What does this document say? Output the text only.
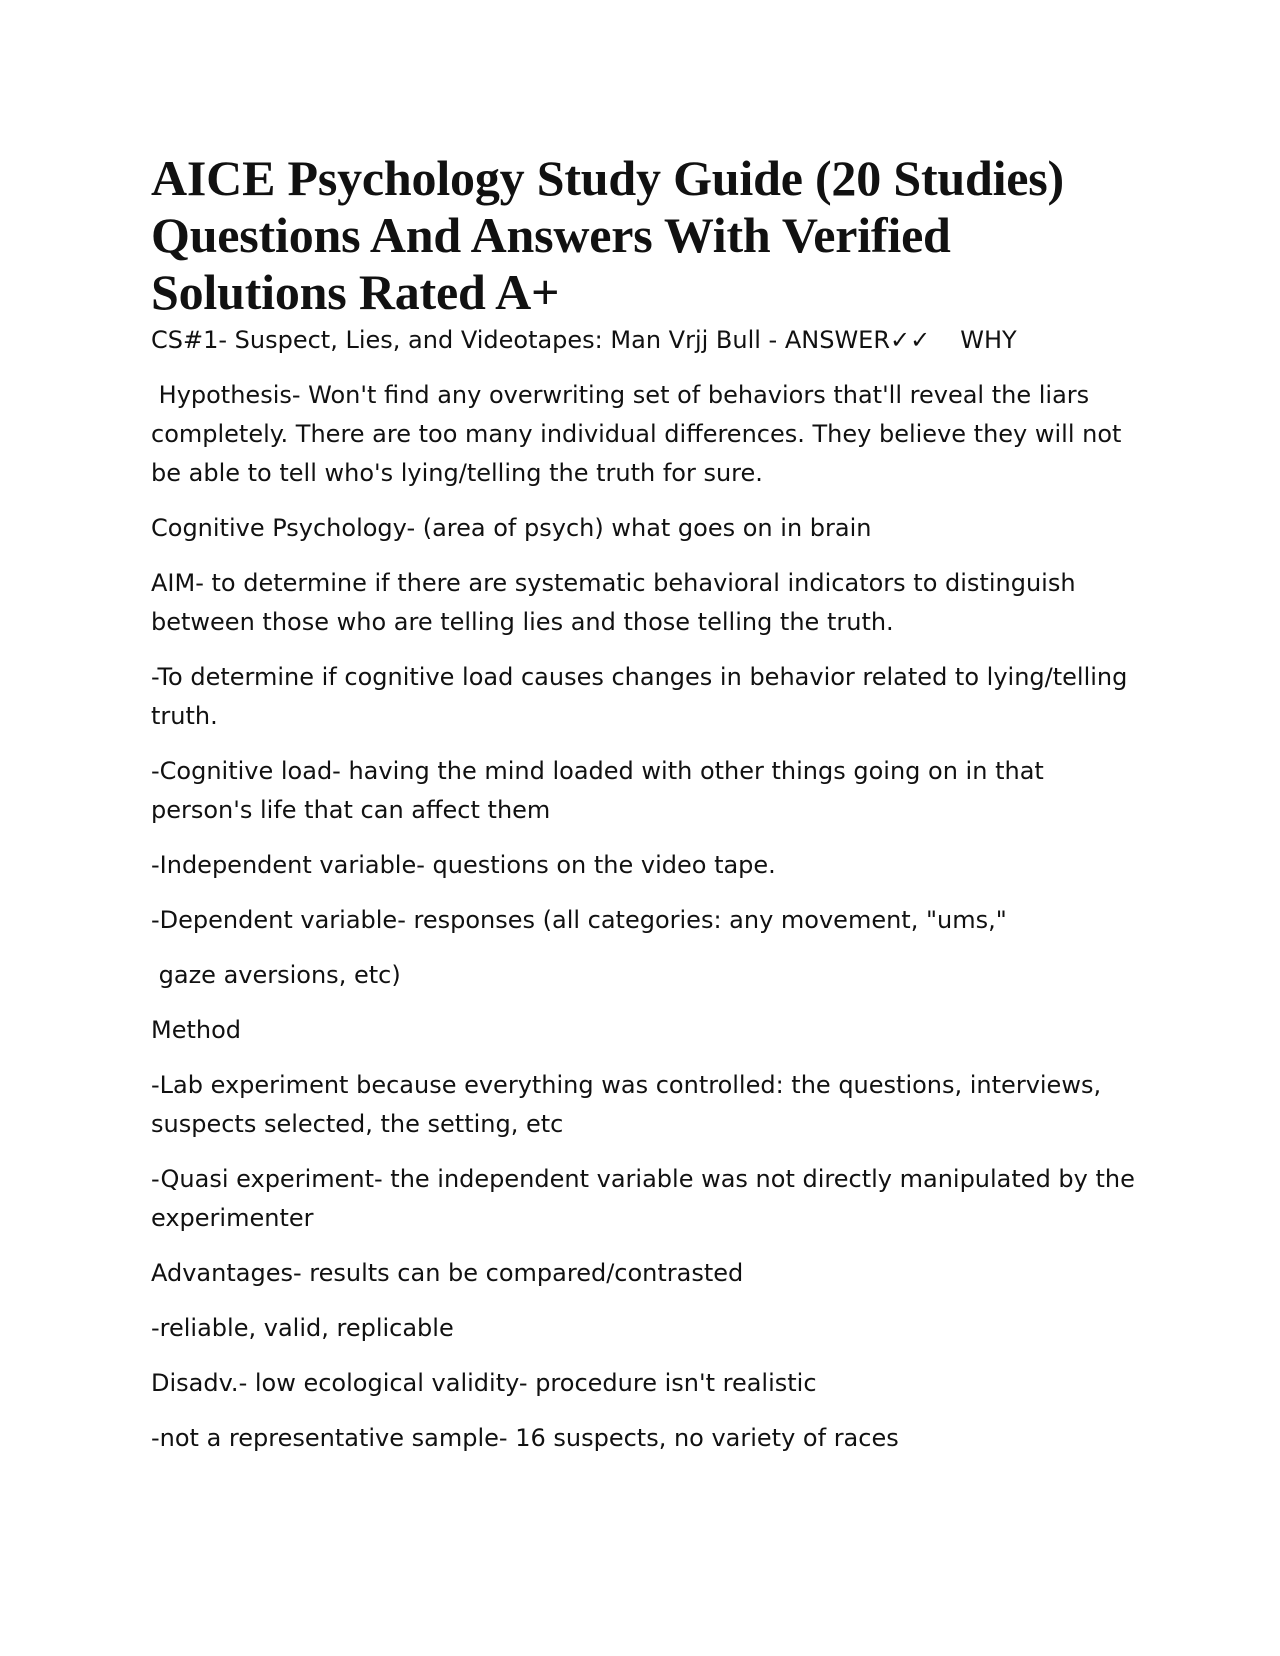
AICE Psychology Study Guide (20 Studies)
Questions And Answers With Verified
Solutions Rated A+
CS#1- Suspect, Lies, and Videotapes: Man Vrjj Bull - ANSWER✓✓ WHY

Hypothesis- Won't find any overwriting set of behaviors that'll reveal the liars completely. There are too many individual differences. They believe they will not be able to tell who's lying/telling the truth for sure.

Cognitive Psychology- (area of psych) what goes on in brain

AIM- to determine if there are systematic behavioral indicators to distinguish between those who are telling lies and those telling the truth.

-To determine if cognitive load causes changes in behavior related to lying/telling truth.

-Cognitive load- having the mind loaded with other things going on in that person's life that can affect them

-Independent variable- questions on the video tape.

-Dependent variable- responses (all categories: any movement, "ums,"

gaze aversions, etc)

Method

-Lab experiment because everything was controlled: the questions, interviews, suspects selected, the setting, etc

-Quasi experiment- the independent variable was not directly manipulated by the experimenter

Advantages- results can be compared/contrasted

-reliable, valid, replicable

Disadv.- low ecological validity- procedure isn't realistic

-not a representative sample- 16 suspects, no variety of races
